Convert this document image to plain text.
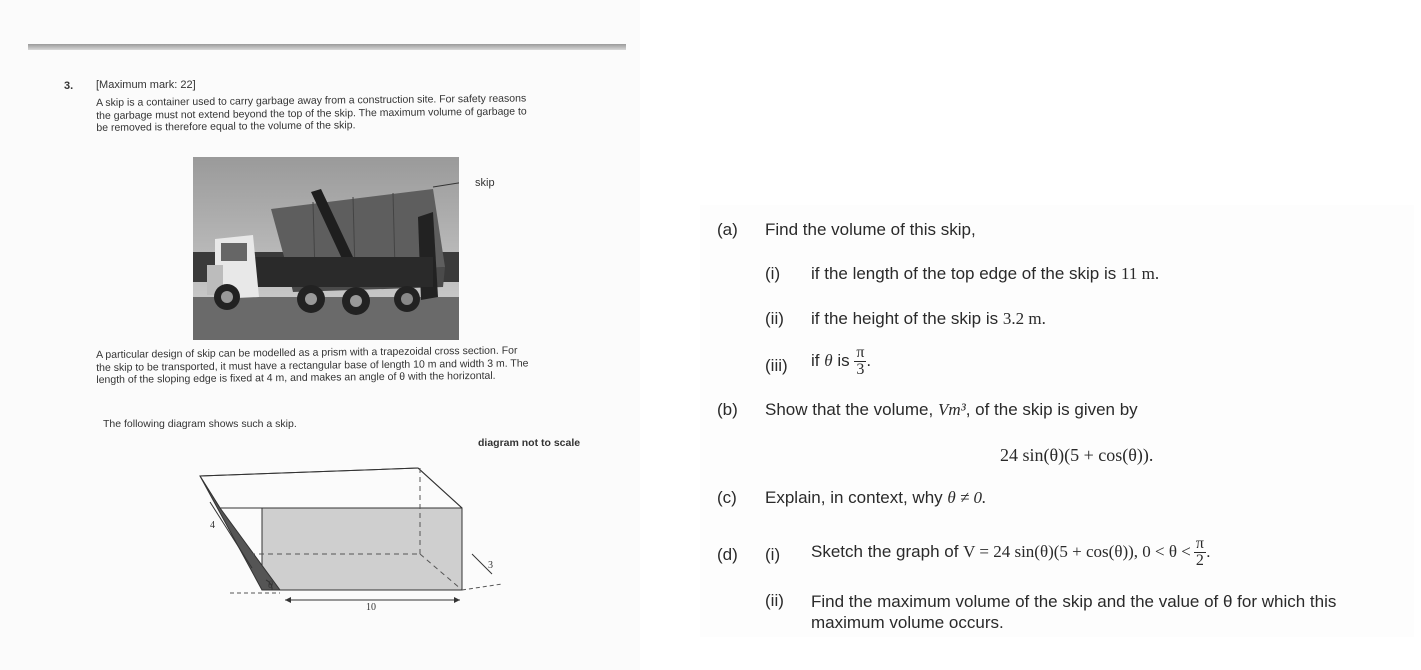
3. [Maximum mark: 22]
A skip is a container used to carry garbage away from a construction site. For safety reasons
the garbage must not extend beyond the top of the skip. The maximum volume of garbage to
be removed is therefore equal to the volume of the skip.
skip
A particular design of skip can be modelled as a prism with a trapezoidal cross section. For
the skip to be transported, it must have a rectangular base of length 10 m and width 3 m. The
length of the sloping edge is fixed at 4 m, and makes an angle of θ with the horizontal.
The following diagram shows such a skip.
diagram not to scale
4
θ
3
10
(a) Find the volume of this skip,
(i) if the length of the top edge of the skip is 11 m.
(ii) if the height of the skip is 3.2 m.
(iii) if θ is $\frac{\pi}{3}$ .
(b) Show that the volume, Vm³, of the skip is given by
24 sin(θ)(5 + cos(θ)).
(c) Explain, in context, why θ ≠ 0.
(d) (i) Sketch the graph of V = 24 sin(θ)(5 + cos(θ)), $0 < \theta < \frac{\pi}{2}$ .
(ii) Find the maximum volume of the skip and the value of θ for which this
maximum volume occurs.
